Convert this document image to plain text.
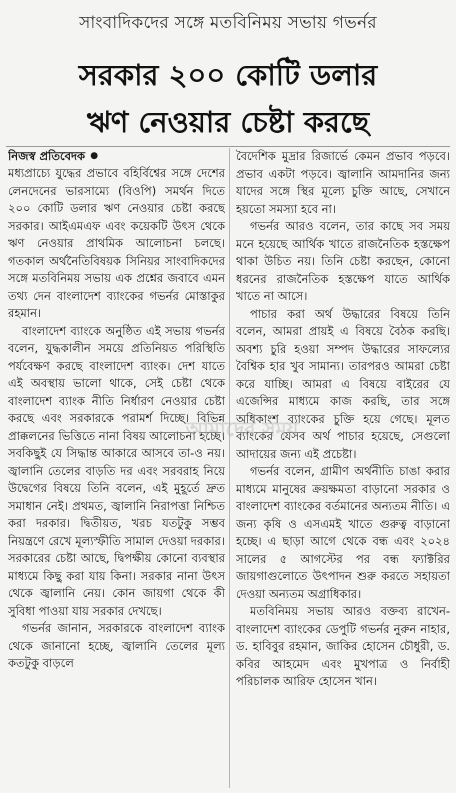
সাংবাদিকদের সঙ্গে মতবিনিময় সভায় গভর্নর
সরকার ২০০ কোটি ডলার
ঋণ নেওয়ার চেষ্টা করছে
নিজস্ব প্রতিবেদক ●

মধ্যপ্রাচ্যে যুদ্ধের প্রভাবে বহির্বিশ্বের সঙ্গে দেশের লেনদেনের ভারসাম্যে (বিওপি) সমর্থন দিতে ২০০ কোটি ডলার ঋণ নেওয়ার চেষ্টা করছে সরকার। আইএমএফ এবং কয়েকটি উৎস থেকে ঋণ নেওয়ার প্রাথমিক আলোচনা চলছে। গতকাল অর্থনৈতিবিষয়ক সিনিয়র সাংবাদিকদের সঙ্গে মতবিনিময় সভায় এক প্রশ্নের জবাবে এমন তথ্য দেন বাংলাদেশ ব্যাংকের গভর্নর মোস্তাকুর রহমান।

বাংলাদেশ ব্যাংকে অনুষ্ঠিত এই সভায় গভর্নর বলেন, যুদ্ধকালীন সময়ে প্রতিনিয়ত পরিস্থিতি পর্যবেক্ষণ করছে বাংলাদেশ ব্যাংক। দেশ যাতে এই অবস্থায় ভালো থাকে, সেই চেষ্টা থেকে বাংলাদেশ ব্যাংক নীতি নির্ধারণ নেওয়ার চেষ্টা করছে এবং সরকারকে পরামর্শ দিচ্ছে। বিভিন্ন প্রাক্কলনের ভিত্তিতে নানা বিষয় আলোচনা হচ্ছে। সবকিছুই যে সিদ্ধান্ত আকারে আসবে তা-ও নয়। জ্বালানি তেলের বাড়তি দর এবং সরবরাহ নিয়ে উদ্বেগের বিষয়ে তিনি বলেন, এই মুহূর্তে দ্রুত সমাধান নেই। প্রথমত, জ্বালানি নিরাপত্তা নিশ্চিত করা দরকার। দ্বিতীয়ত, খরচ যতটুকু সম্ভব নিয়ন্ত্রণে রেখে মূল্যস্ফীতি সামাল দেওয়া দরকার। সরকারের চেষ্টা আছে, দ্বিপক্ষীয় কোনো ব্যবস্থার মাধ্যমে কিছু করা যায় কিনা। সরকার নানা উৎস থেকে জ্বালানি নেয়। কোন জায়গা থেকে কী সুবিধা পাওয়া যায় সরকার দেখছে।

গভর্নর জানান, সরকারকে বাংলাদেশ ব্যাংক থেকে জানানো হচ্ছে, জ্বালানি তেলের মূল্য কতটুকু বাড়লে

বৈদেশিক মুদ্রার রিজার্ভে কেমন প্রভাব পড়বে। প্রভাব একটা পড়বে। জ্বালানি আমদানির জন্য যাদের সঙ্গে স্থির মূল্যে চুক্তি আছে, সেখানে হয়তো সমস্যা হবে না।

গভর্নর আরও বলেন, তার কাছে সব সময় মনে হয়েছে আর্থিক খাতে রাজনৈতিক হস্তক্ষেপ থাকা উচিত নয়। তিনি চেষ্টা করছেন, কোনো ধরনের রাজনৈতিক হস্তক্ষেপ যাতে আর্থিক খাতে না আসে।

পাচার করা অর্থ উদ্ধারের বিষয়ে তিনি বলেন, আমরা প্রায়ই এ বিষয়ে বৈঠক করছি। অবশ্য চুরি হওয়া সম্পদ উদ্ধারের সাফল্যের বৈশ্বিক হার খুব সামান্য। তারপরও আমরা চেষ্টা করে যাচ্ছি। আমরা এ বিষয়ে বাইরের যে এজেন্সির মাধ্যমে কাজ করছি, তার সঙ্গে অধিকাংশ ব্যাংকের চুক্তি হয়ে গেছে। মূলত ব্যাংকের যেসব অর্থ পাচার হয়েছে, সেগুলো আদায়ের জন্য এই প্রচেষ্টা।

গভর্নর বলেন, গ্রামীণ অর্থনীতি চাঙা করার মাধ্যমে মানুষের ক্রয়ক্ষমতা বাড়ানো সরকার ও বাংলাদেশ ব্যাংকের বর্তমানের অন্যতম নীতি। এ জন্য কৃষি ও এসএমই খাতে গুরুত্ব বাড়ানো হচ্ছে। এ ছাড়া আগে থেকে বন্ধ এবং ২০২৪ সালের ৫ আগস্টের পর বন্ধ ফ্যাক্টরির জায়গাগুলোতে উৎপাদন শুরু করতে সহায়তা দেওয়া অন্যতম অগ্রাধিকার।

মতবিনিময় সভায় আরও বক্তব্য রাখেন- বাংলাদেশ ব্যাংকের ডেপুটি গভর্নর নুরুন নাহার, ড. হাবিবুর রহমান, জাকির হোসেন চৌধুরী, ড. কবির আহমেদ এবং মুখপাত্র ও নির্বাহী পরিচালক আরিফ হোসেন খান।

আমাদের সময়
